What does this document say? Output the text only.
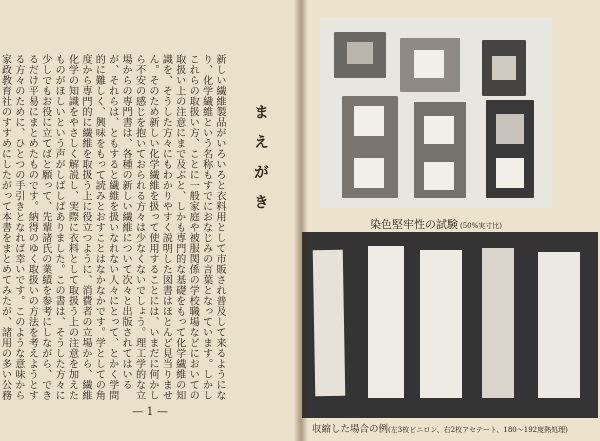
新しい繊維製品がいろいろと衣料用として市販され普及して来るようになり、化学繊維という名称もすでにおなじみの言葉となっています。しかしこれらの取扱い方、ことに一般家庭や被服関係の学校職場などにおいての取扱い上の注意にまで及ぶと、しかも専門的な基礎をもって化学繊維の知識を、そうした方々にもわかりやすく説明した図書はほとんど見当りません。そのため新しい化学繊維を扱って使用することには、いまだに何かしら不安の感じを抱いておられる方々は少なくないでしょう。理工学的な立場からの専門書は、各種の新しい繊維について次々と出版されてはいるが、それらは、ともすると繊維を扱いなれない人々にとって、とかく学問的に難しく、興味をもって読みとおすことはなかなかです。学としての角度から専門的に繊維を取扱う上に役立つように、消費者の立場から、繊維化学の知識をやさしく解説し、実際に衣料として取扱う上の注意を加えたものがほしいという声がしばしばありました。この書は、そうした方々に少しでもお役に立てばと願って、先輩諸氏の業績を参考にしながら、できるだけ平易にまとめたものです。納得のゆく取扱いの方法を考えようとする方々のために、ひとつの手引きとなれば幸いです。このような意味から家政教育社のすすめにしたがって本書をまとめてみたが、諸用の多い公務

まえがき
— 1 —
染色堅牢性の試験 (50%実寸比)
収縮した場合の例(左3枚ビニロン、右2枚アセテート、180〜192度熱処理)
